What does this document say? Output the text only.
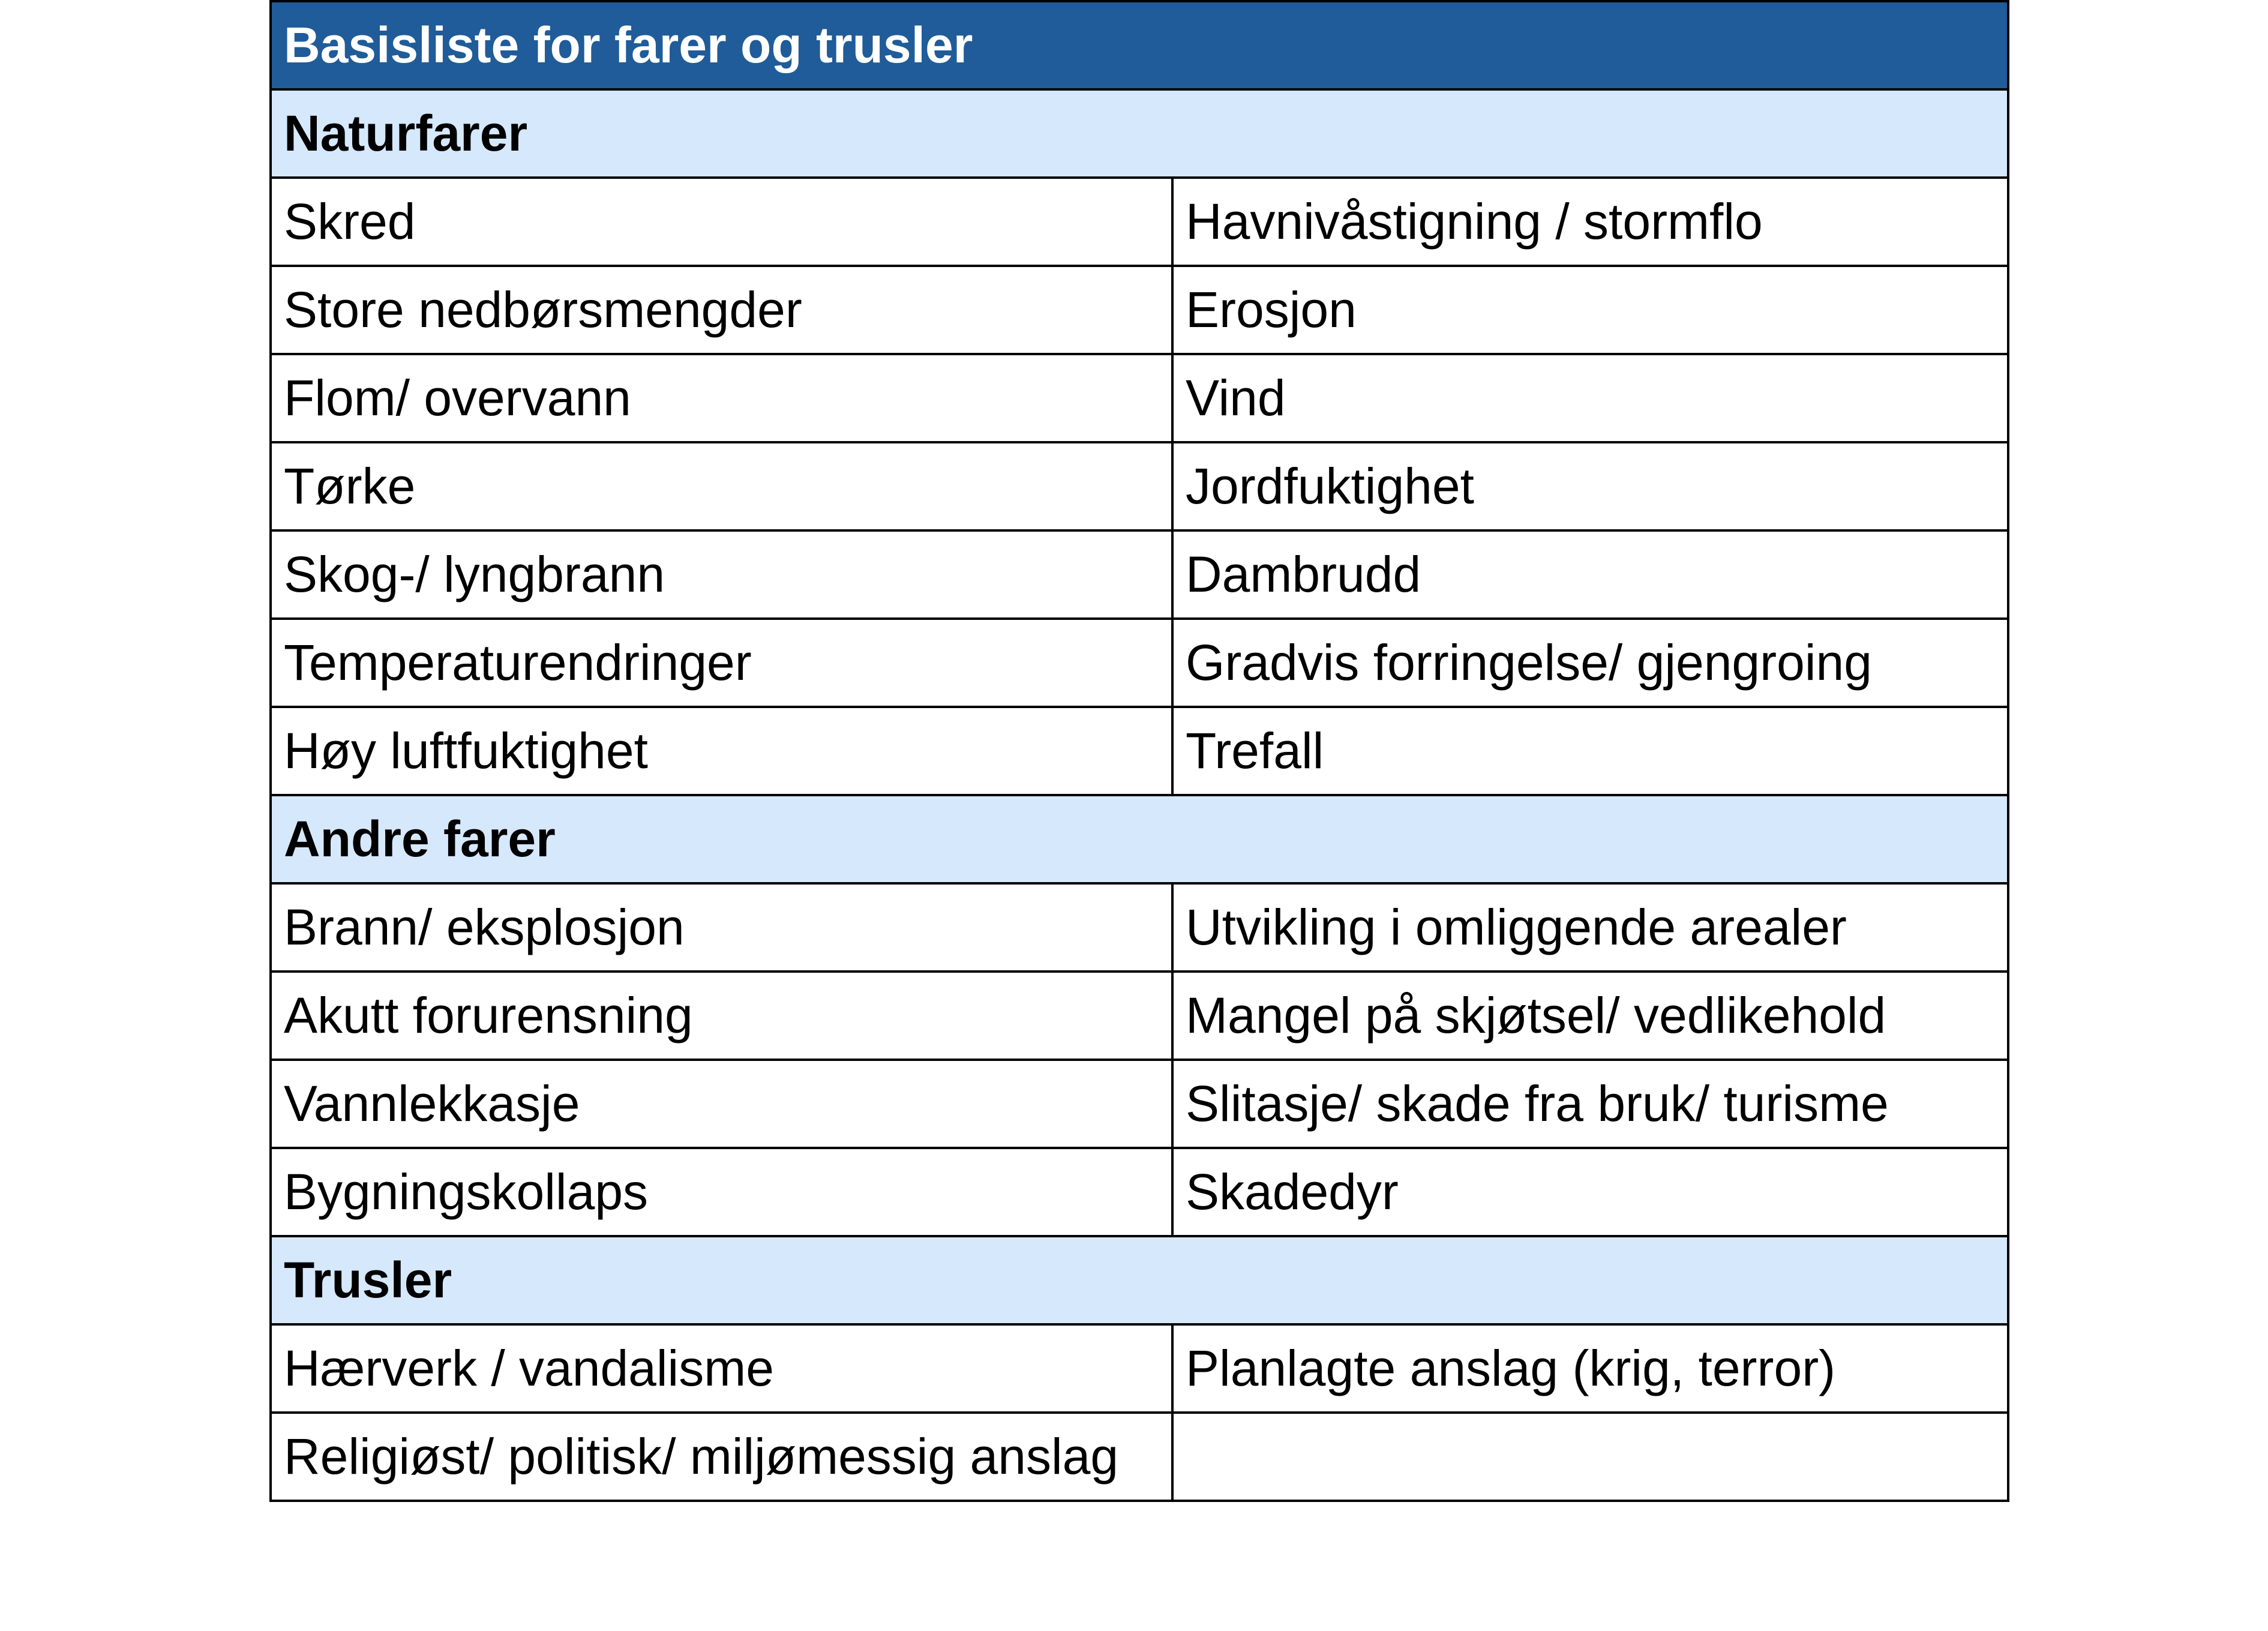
Basisliste for farer og trusler	
Naturfarer	
Skred	Havnivåstigning / stormflo
Store nedbørsmengder	Erosjon
Flom/ overvann	Vind
Tørke	Jordfuktighet
Skog-/ lyngbrann	Dambrudd
Temperaturendringer	Gradvis forringelse/ gjengroing
Høy luftfuktighet	Trefall
Andre farer	
Brann/ eksplosjon	Utvikling i omliggende arealer
Akutt forurensning	Mangel på skjøtsel/ vedlikehold
Vannlekkasje	Slitasje/ skade fra bruk/ turisme
Bygningskollaps	Skadedyr
Trusler	
Hærverk / vandalisme	Planlagte anslag (krig, terror)
Religiøst/ politisk/ miljømessig anslag	
